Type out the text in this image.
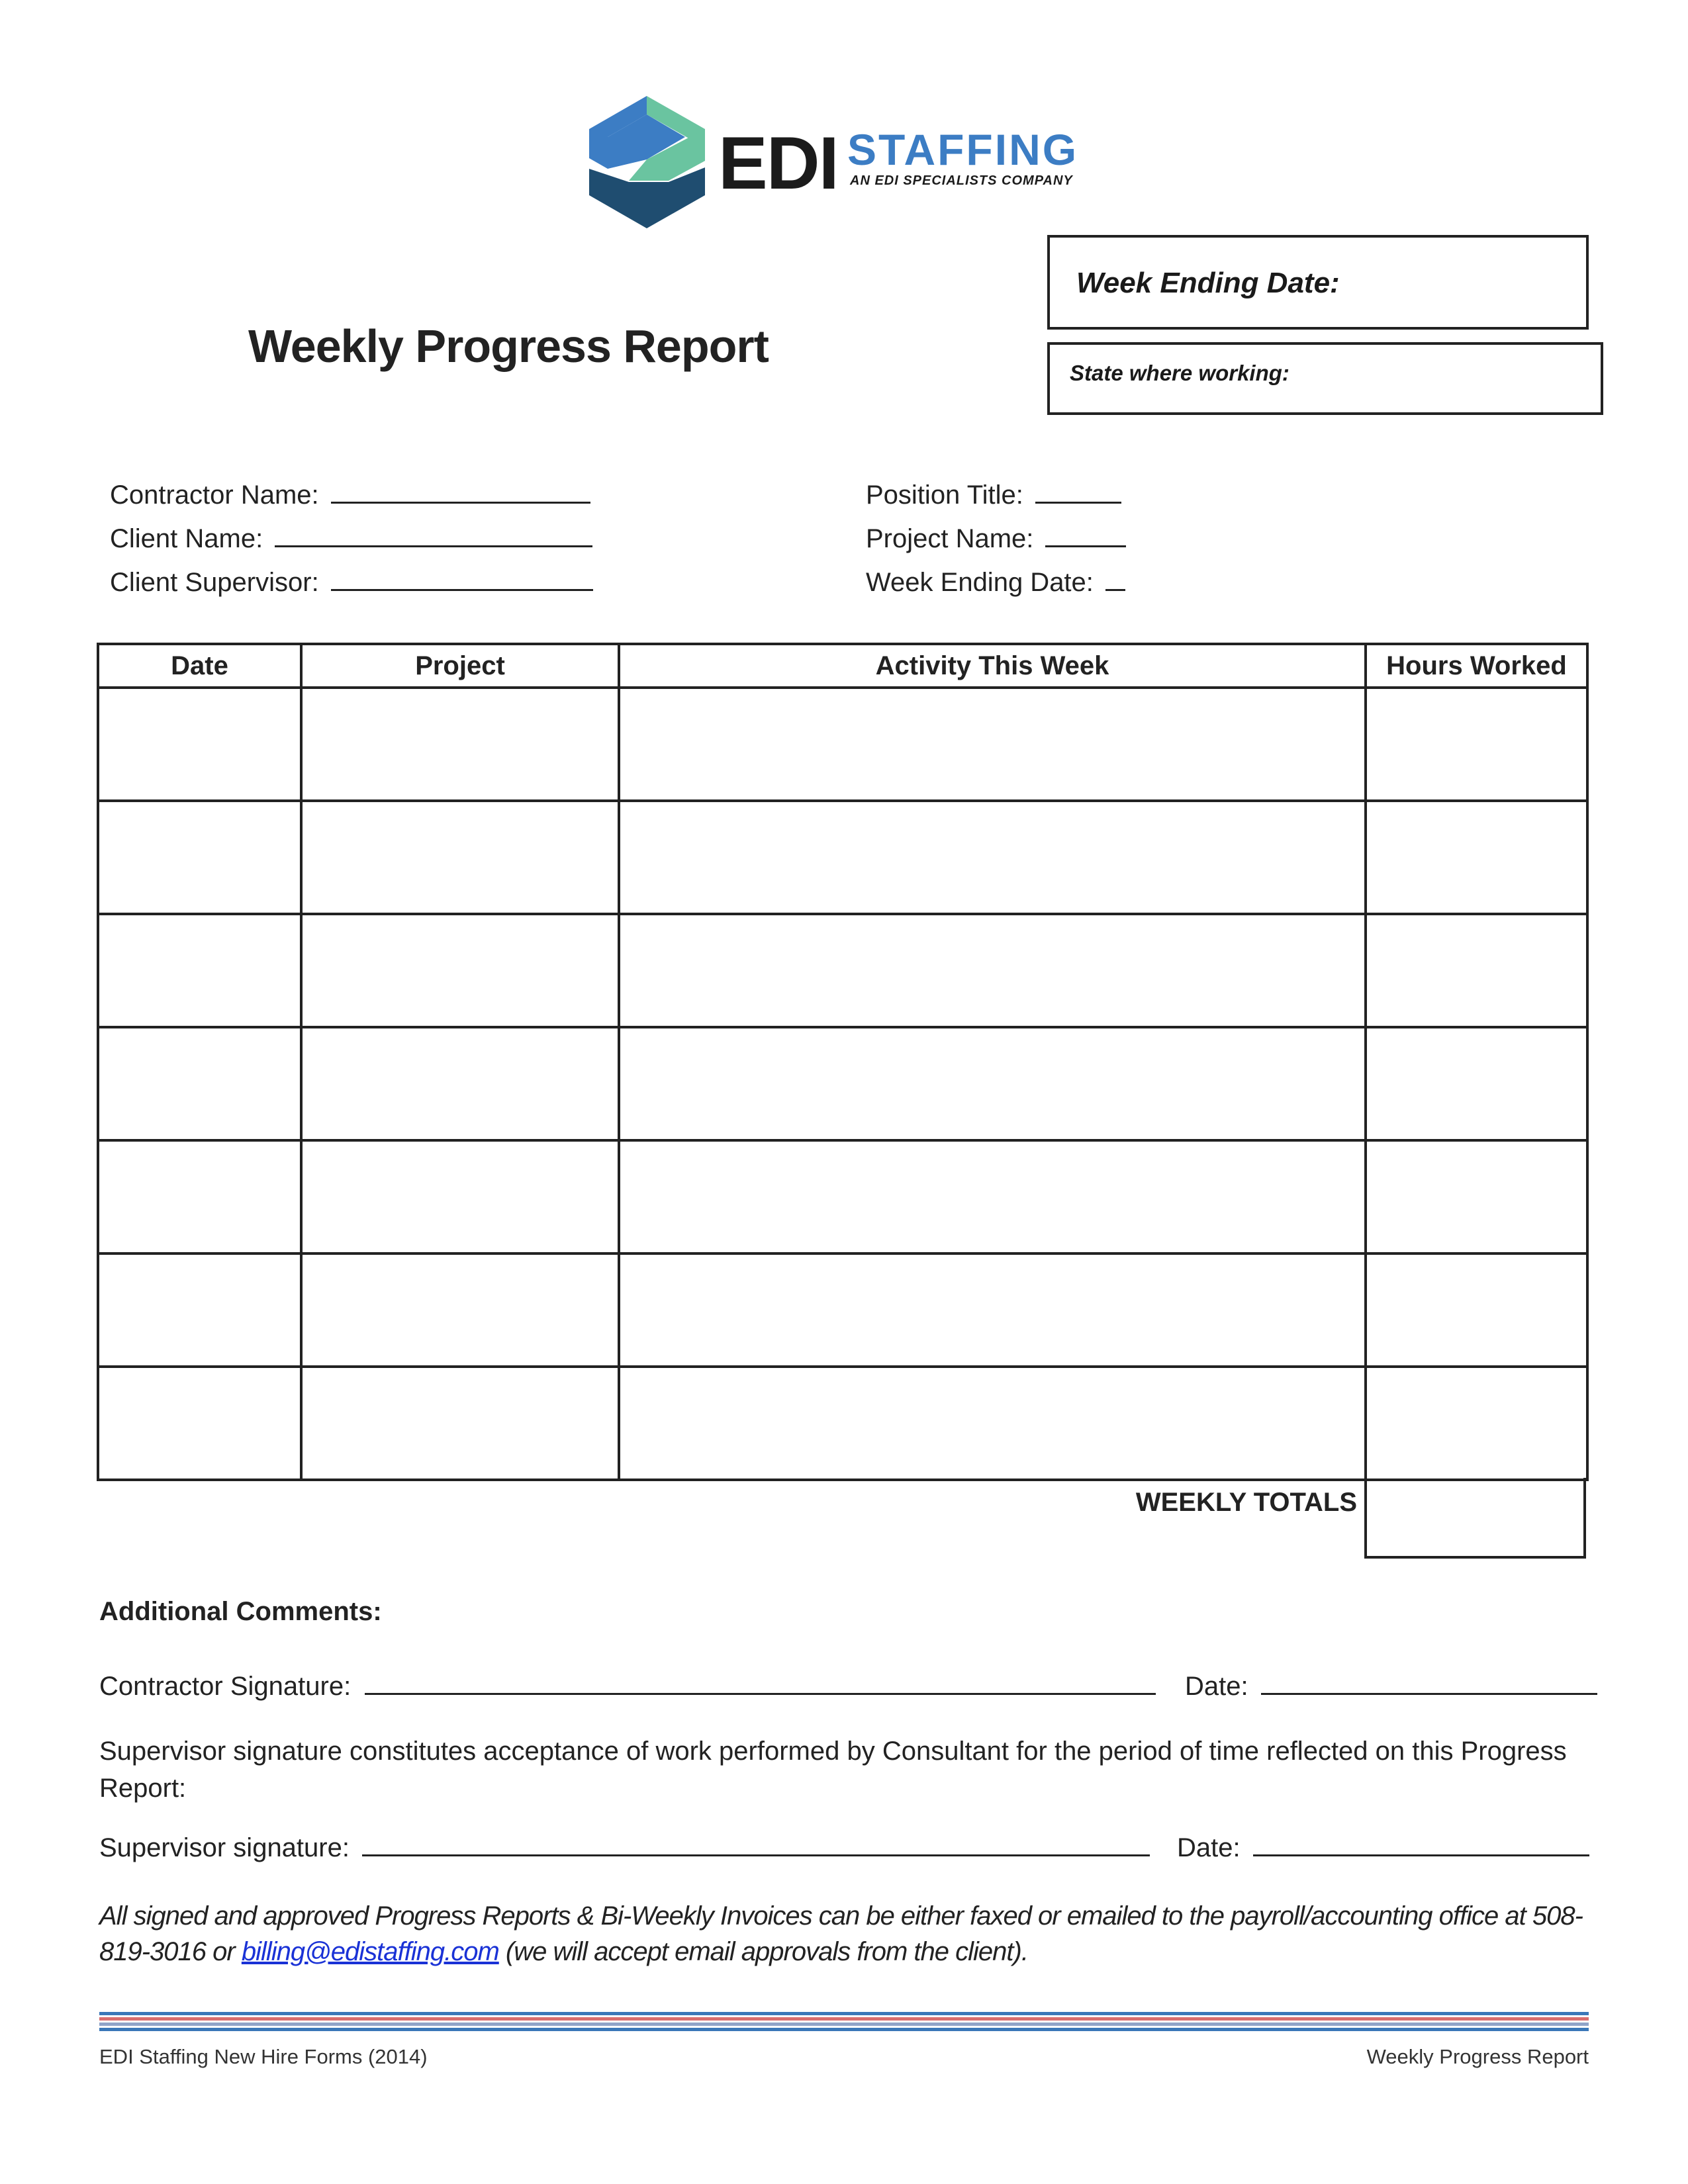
EDI STAFFING
AN EDI SPECIALISTS COMPANY
Week Ending Date:
State where working:
Weekly Progress Report
Contractor Name:
Client Name:
Client Supervisor:
Position Title:
Project Name:
Week Ending Date:
Date	Project	Activity This Week	Hours Worked

WEEKLY TOTALS
Additional Comments:
Contractor Signature:	Date:
Supervisor signature constitutes acceptance of work performed by Consultant for the period of time reflected on this Progress Report:
Supervisor signature:	Date:
All signed and approved Progress Reports & Bi-Weekly Invoices can be either faxed or emailed to the payroll/accounting office at 508-819-3016 or billing@edistaffing.com (we will accept email approvals from the client).
EDI Staffing New Hire Forms (2014)	Weekly Progress Report
